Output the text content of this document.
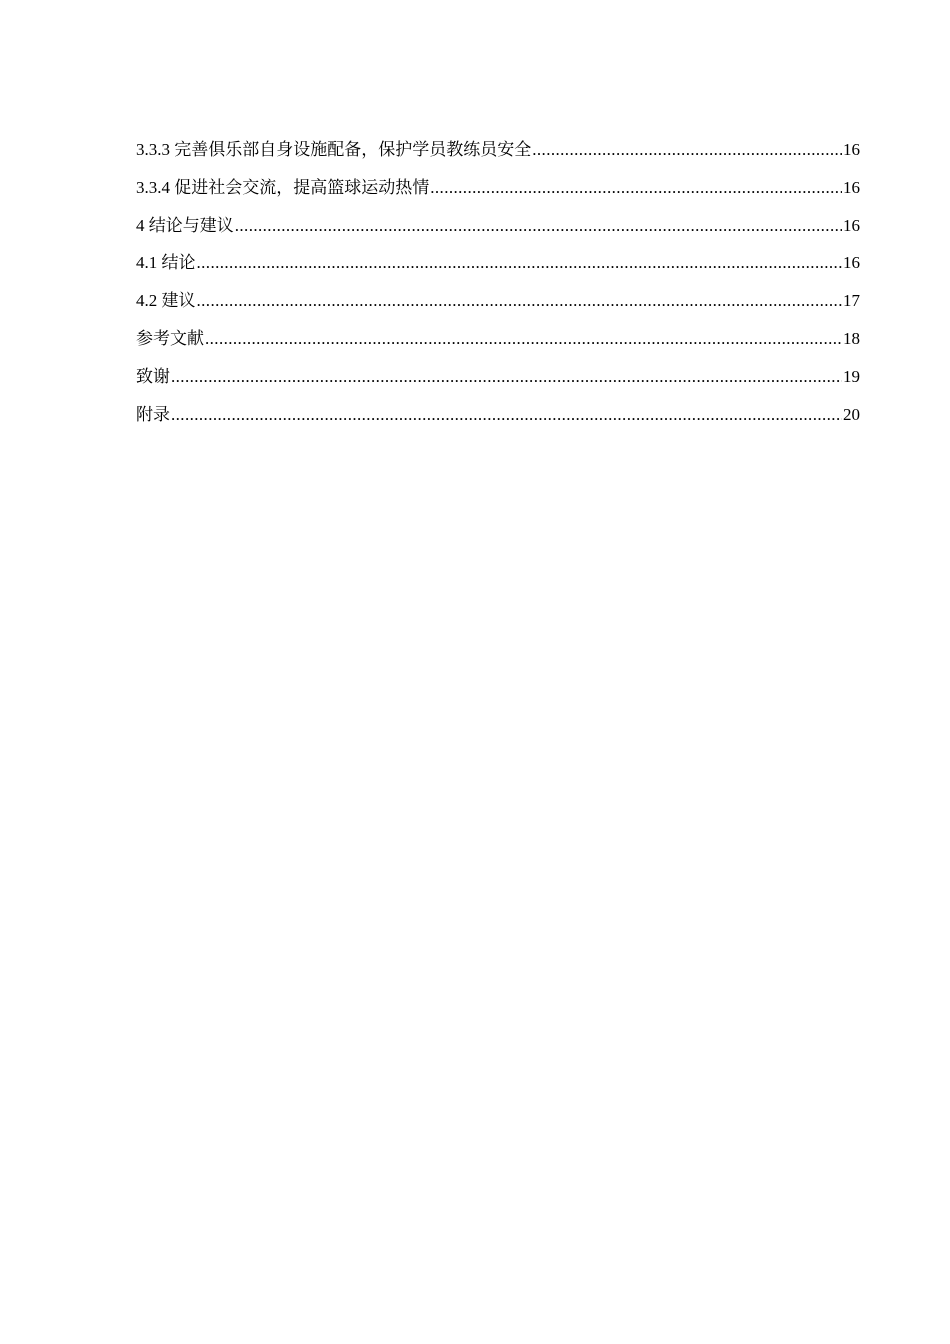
3.3.3 完善俱乐部自身设施配备，保护学员教练员安全 .....	16
3.3.4 促进社会交流，提高篮球运动热情 .....	16
4 结论与建议 .....	16
4.1 结论 .....	16
4.2 建议 .....	17
参考文献 .....	18
致谢 .....	19
附录 .....	20
